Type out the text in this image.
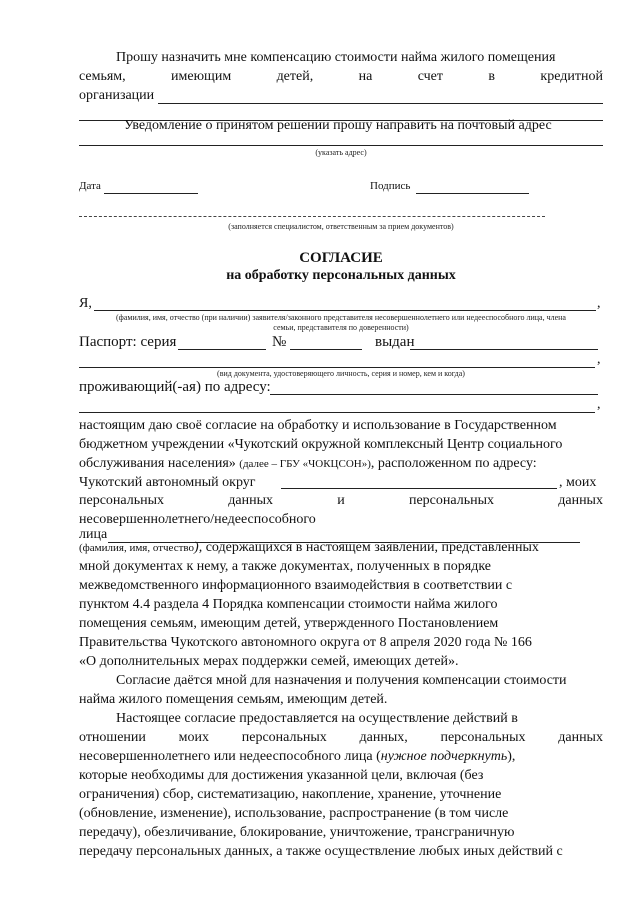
Прошу назначить мне компенсацию стоимости найма жилого помещения
семьям,	имеющим	детей,	на	счет	в	кредитной
организации
Уведомление о принятом решении прошу направить на почтовый адрес
(указать адрес)
Дата	Подпись
(заполняется специалистом, ответственным за прием документов)
СОГЛАСИЕ
на обработку персональных данных
Я,	,
(фамилия, имя, отчество (при наличии) заявителя/законного представителя несовершеннолетнего или недееспособного лица, члена
семьи, представителя по доверенности)
Паспорт: серия	№	выдан
,
(вид документа, удостоверяющего личность, серия и номер, кем и когда)
проживающий(-ая) по адресу:
,
настоящим даю своё согласие на обработку и использование в Государственном
бюджетном учреждении «Чукотский окружной комплексный Центр социального
обслуживания населения» (далее – ГБУ «ЧОКЦСОН»), расположенном по адресу:
Чукотский автономный округ	, моих
персональных	данных	и	персональных	данных
несовершеннолетнего/недееспособного
лица
(фамилия, имя, отчество), содержащихся в настоящем заявлении, представленных
мной документах к нему, а также документах, полученных в порядке
межведомственного информационного взаимодействия в соответствии с
пунктом 4.4 раздела 4 Порядка компенсации стоимости найма жилого
помещения семьям, имеющим детей, утвержденного Постановлением
Правительства Чукотского автономного округа от 8 апреля 2020 года № 166
«О дополнительных мерах поддержки семей, имеющих детей».
Согласие даётся мной для назначения и получения компенсации стоимости
найма жилого помещения семьям, имеющим детей.
Настоящее согласие предоставляется на осуществление действий в
отношении моих персональных данных, персональных данных
несовершеннолетнего или недееспособного лица (нужное подчеркнуть),
которые необходимы для достижения указанной цели, включая (без
ограничения) сбор, систематизацию, накопление, хранение, уточнение
(обновление, изменение), использование, распространение (в том числе
передачу), обезличивание, блокирование, уничтожение, трансграничную
передачу персональных данных, а также осуществление любых иных действий с
